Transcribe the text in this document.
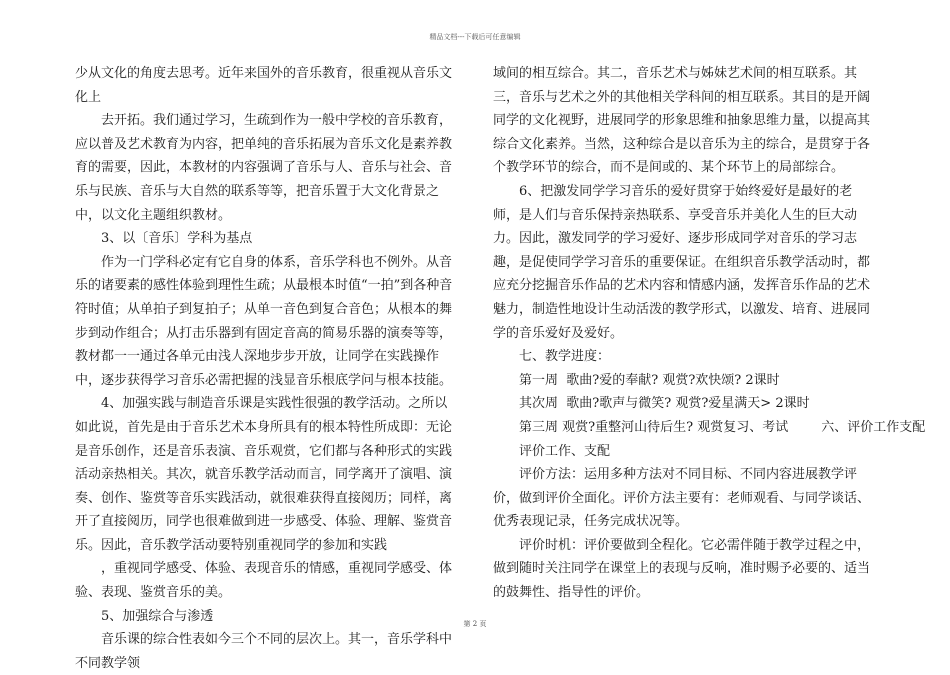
精品文档---下载后可任意编辑

少从文化的角度去思考。近年来国外的音乐教育，很重视从音乐文化上

去开拓。我们通过学习，生疏到作为一般中学校的音乐教育，应以普及艺术教育为内容，把单纯的音乐拓展为音乐文化是素养教育的需要，因此，本教材的内容强调了音乐与人、音乐与社会、音乐与民族、音乐与大自然的联系等等，把音乐置于大文化背景之中，以文化主题组织教材。

3、以〔音乐〕学科为基点

作为一门学科必定有它自身的体系，音乐学科也不例外。从音乐的诸要素的感性体验到理性生疏；从最根本时值“一拍”到各种音符时值；从单拍子到复拍子；从单一音色到复合音色；从根本的舞步到动作组合；从打击乐器到有固定音高的简易乐器的演奏等等，教材都一一通过各单元由浅人深地步步开放，让同学在实践操作中，逐步获得学习音乐必需把握的浅显音乐根底学问与根本技能。

4、加强实践与制造音乐课是实践性很强的教学活动。之所以如此说，首先是由于音乐艺术本身所具有的根本特性所成即：无论是音乐创作，还是音乐表演、音乐观赏，它们都与各种形式的实践活动亲热相关。其次，就音乐教学活动而言，同学离开了演唱、演奏、创作、鉴赏等音乐实践活动，就很难获得直接阅历；同样，离开了直接阅历，同学也很难做到进一步感受、体验、理解、鉴赏音乐。因此，音乐教学活动要特别重视同学的参加和实践

，重视同学感受、体验、表现音乐的情感，重视同学感受、体验、表现、鉴赏音乐的美。

5、加强综合与渗透

音乐课的综合性表如今三个不同的层次上。其一，音乐学科中不同教学领

域间的相互综合。其二，音乐艺术与姊妹艺术间的相互联系。其三，音乐与艺术之外的其他相关学科间的相互联系。其目的是开阔同学的文化视野，进展同学的形象思维和抽象思维力量，以提高其综合文化素养。当然，这种综合是以音乐为主的综合，是贯穿于各个教学环节的综合，而不是间或的、某个环节上的局部综合。

6、把激发同学学习音乐的爱好贯穿于始终爱好是最好的老师，是人们与音乐保持亲热联系、享受音乐并美化人生的巨大动力。因此，激发同学的学习爱好、逐步形成同学对音乐的学习志趣，是促使同学学习音乐的重要保证。在组织音乐教学活动时，都应充分挖掘音乐作品的艺术内容和情感内涵，发挥音乐作品的艺术魅力，制造性地设计生动活泼的教学形式，以激发、培育、进展同学的音乐爱好及爱好。

七、教学进度：

第一周  歌曲?爱的奉献? 观赏?欢快颂? 2课时

其次周  歌曲?歌声与微笑? 观赏?爱星满天> 2课时

第三周 观赏?重整河山待后生? 观赏复习、考试        六、评价工作支配

评价工作、支配

评价方法：运用多种方法对不同目标、不同内容进展教学评价，做到评价全面化。评价方法主要有：老师观看、与同学谈话、优秀表现记录，任务完成状况等。

评价时机：评价要做到全程化。它必需伴随于教学过程之中，做到随时关注同学在课堂上的表现与反响，准时赐予必要的、适当的鼓舞性、指导性的评价。

第 2 页
